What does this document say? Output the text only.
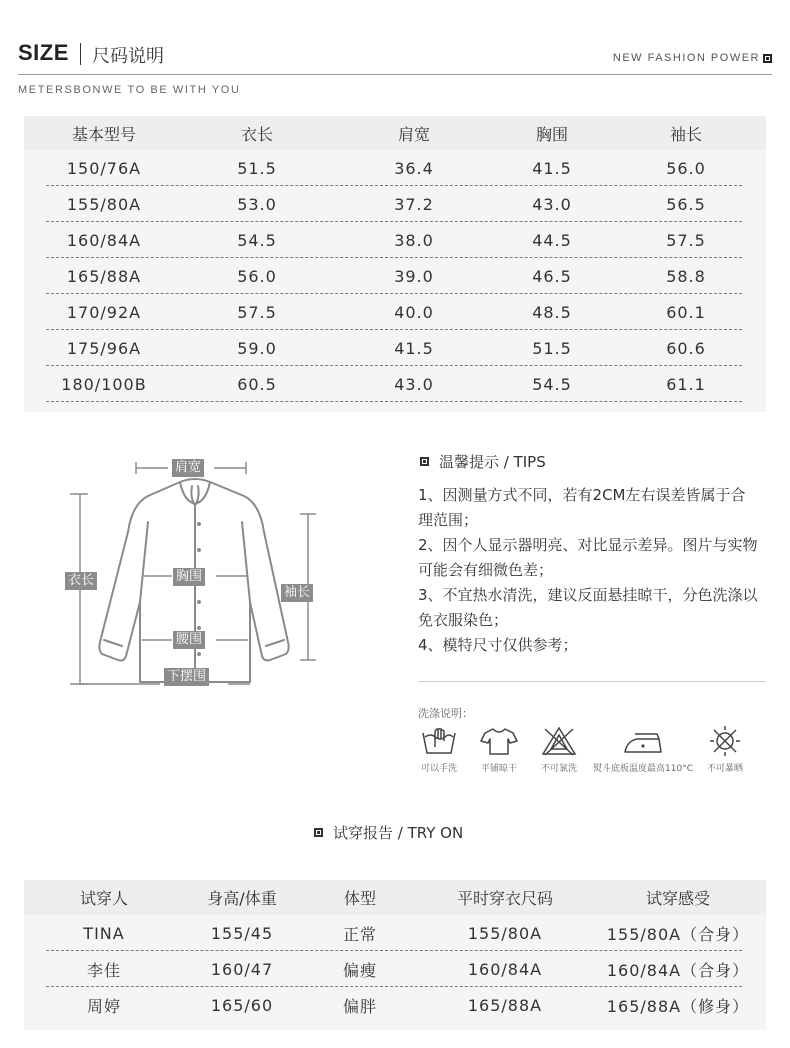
SIZE 尺码说明	NEW FASHION POWER
METERSBONWE TO BE WITH YOU
基本型号	衣长	肩宽	胸围	袖长
150/76A	51.5	36.4	41.5	56.0
155/80A	53.0	37.2	43.0	56.5
160/84A	54.5	38.0	44.5	57.5
165/88A	56.0	39.0	46.5	58.8
170/92A	57.5	40.0	48.5	60.1
175/96A	59.0	41.5	51.5	60.6
180/100B	60.5	43.0	54.5	61.1
肩宽
衣长	胸围
袖长
腰围
下摆围
温馨提示 / TIPS

1、因测量方式不同，若有2CM左右误差皆属于合理范围；

2、因个人显示器明亮、对比显示差异。图片与实物可能会有细微色差；

3、不宜热水清洗，建议反面悬挂晾干，分色洗涤以免衣服染色；

4、模特尺寸仅供参考；

洗涤说明：
可以手洗	平铺晾干	不可氯洗	熨斗底板温度最高110°C	不可暴晒
试穿报告 / TRY ON
试穿人	身高/体重	体型	平时穿衣尺码	试穿感受
TINA	155/45	正常	155/80A	155/80A（合身）
李佳	160/47	偏瘦	160/84A	160/84A（合身）
周婷	165/60	偏胖	165/88A	165/88A（修身）
